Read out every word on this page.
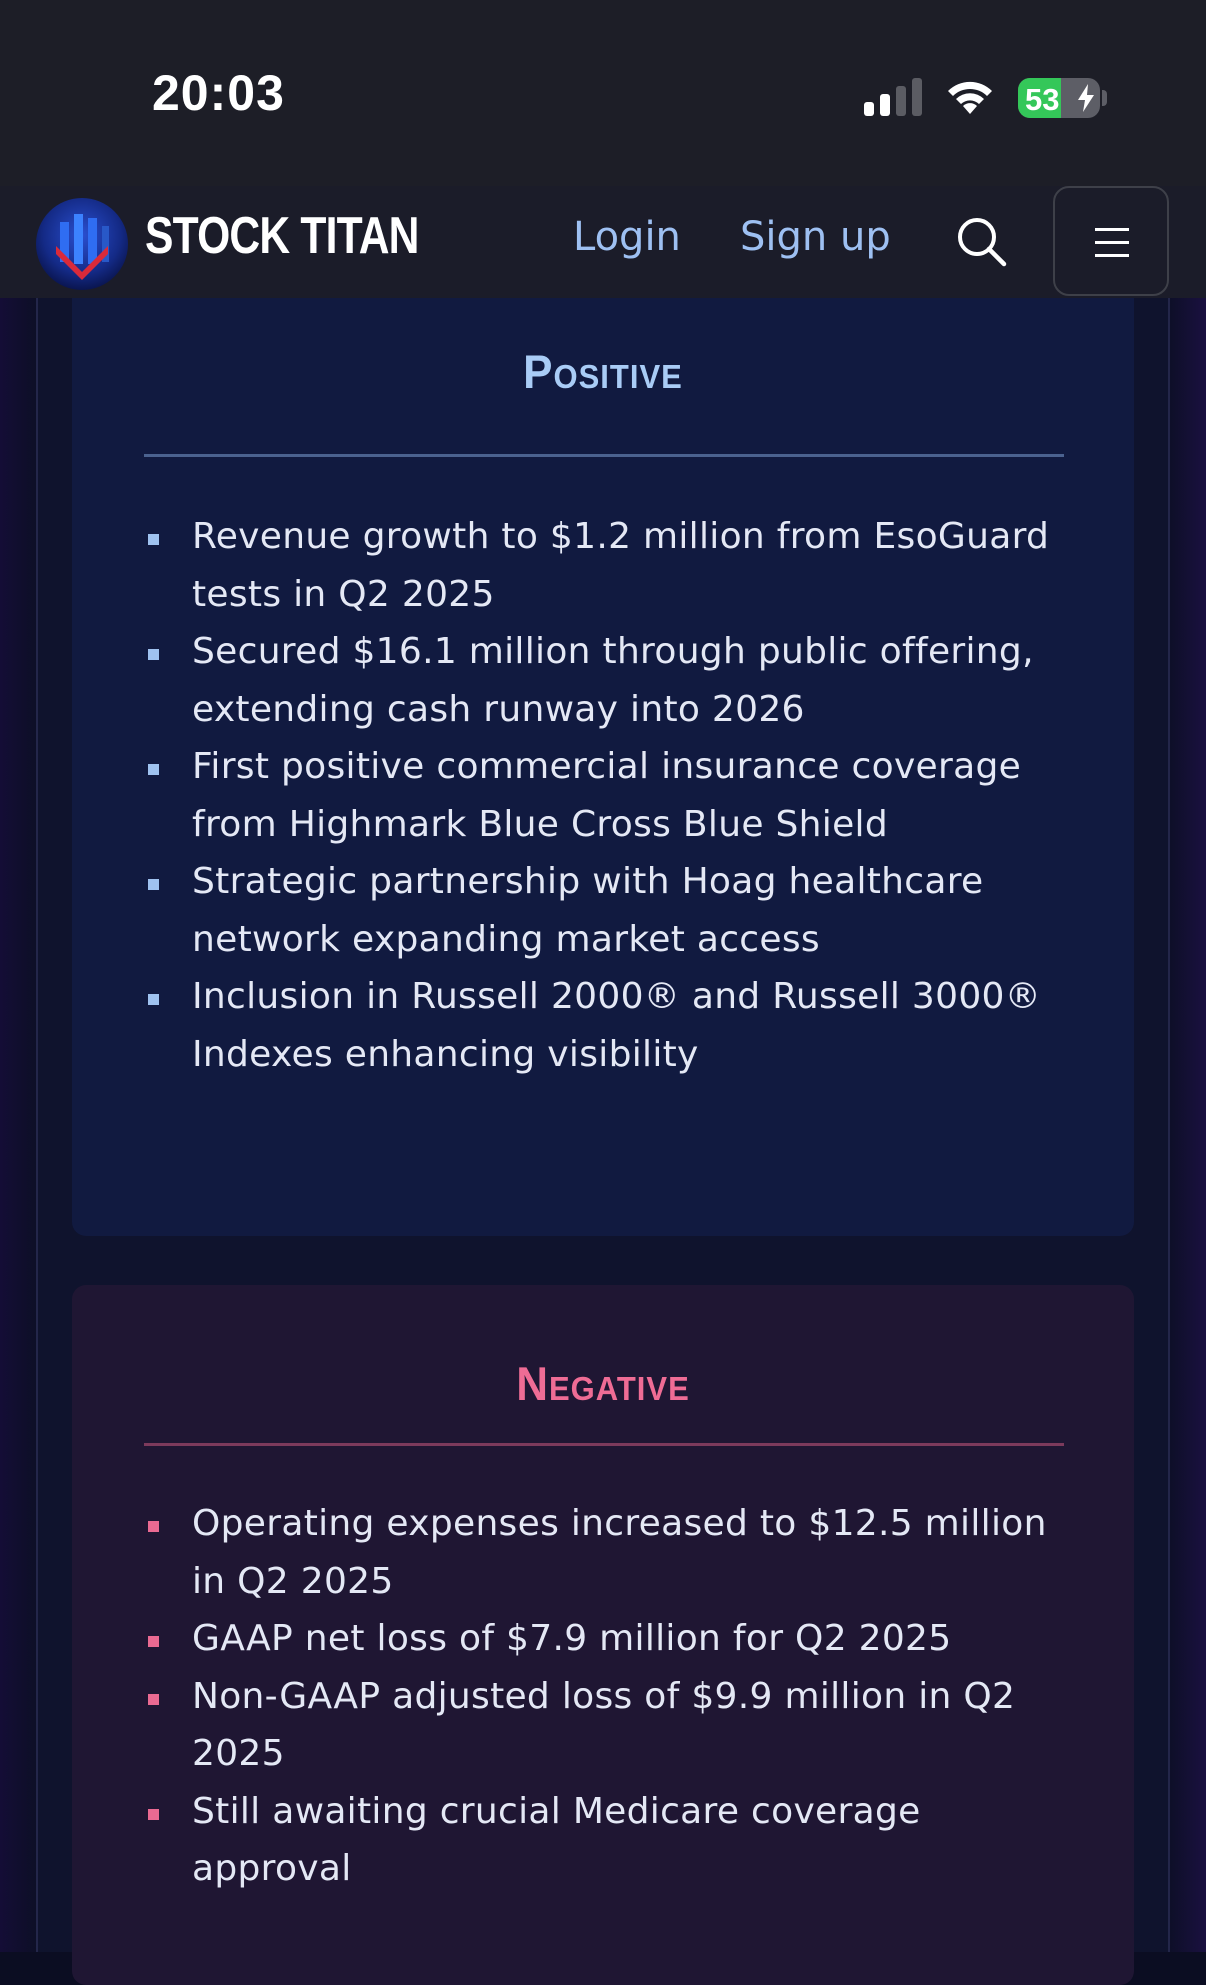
20:03	53
STOCK TITAN	Login Sign up
Positive
Revenue growth to $1.2 million from EsoGuard tests in Q2 2025
Secured $16.1 million through public offering, extending cash runway into 2026
First positive commercial insurance coverage from Highmark Blue Cross Blue Shield
Strategic partnership with Hoag healthcare network expanding market access
Inclusion in Russell 2000® and Russell 3000® Indexes enhancing visibility
Negative
Operating expenses increased to $12.5 million in Q2 2025
GAAP net loss of $7.9 million for Q2 2025
Non-GAAP adjusted loss of $9.9 million in Q2 2025
Still awaiting crucial Medicare coverage approval
